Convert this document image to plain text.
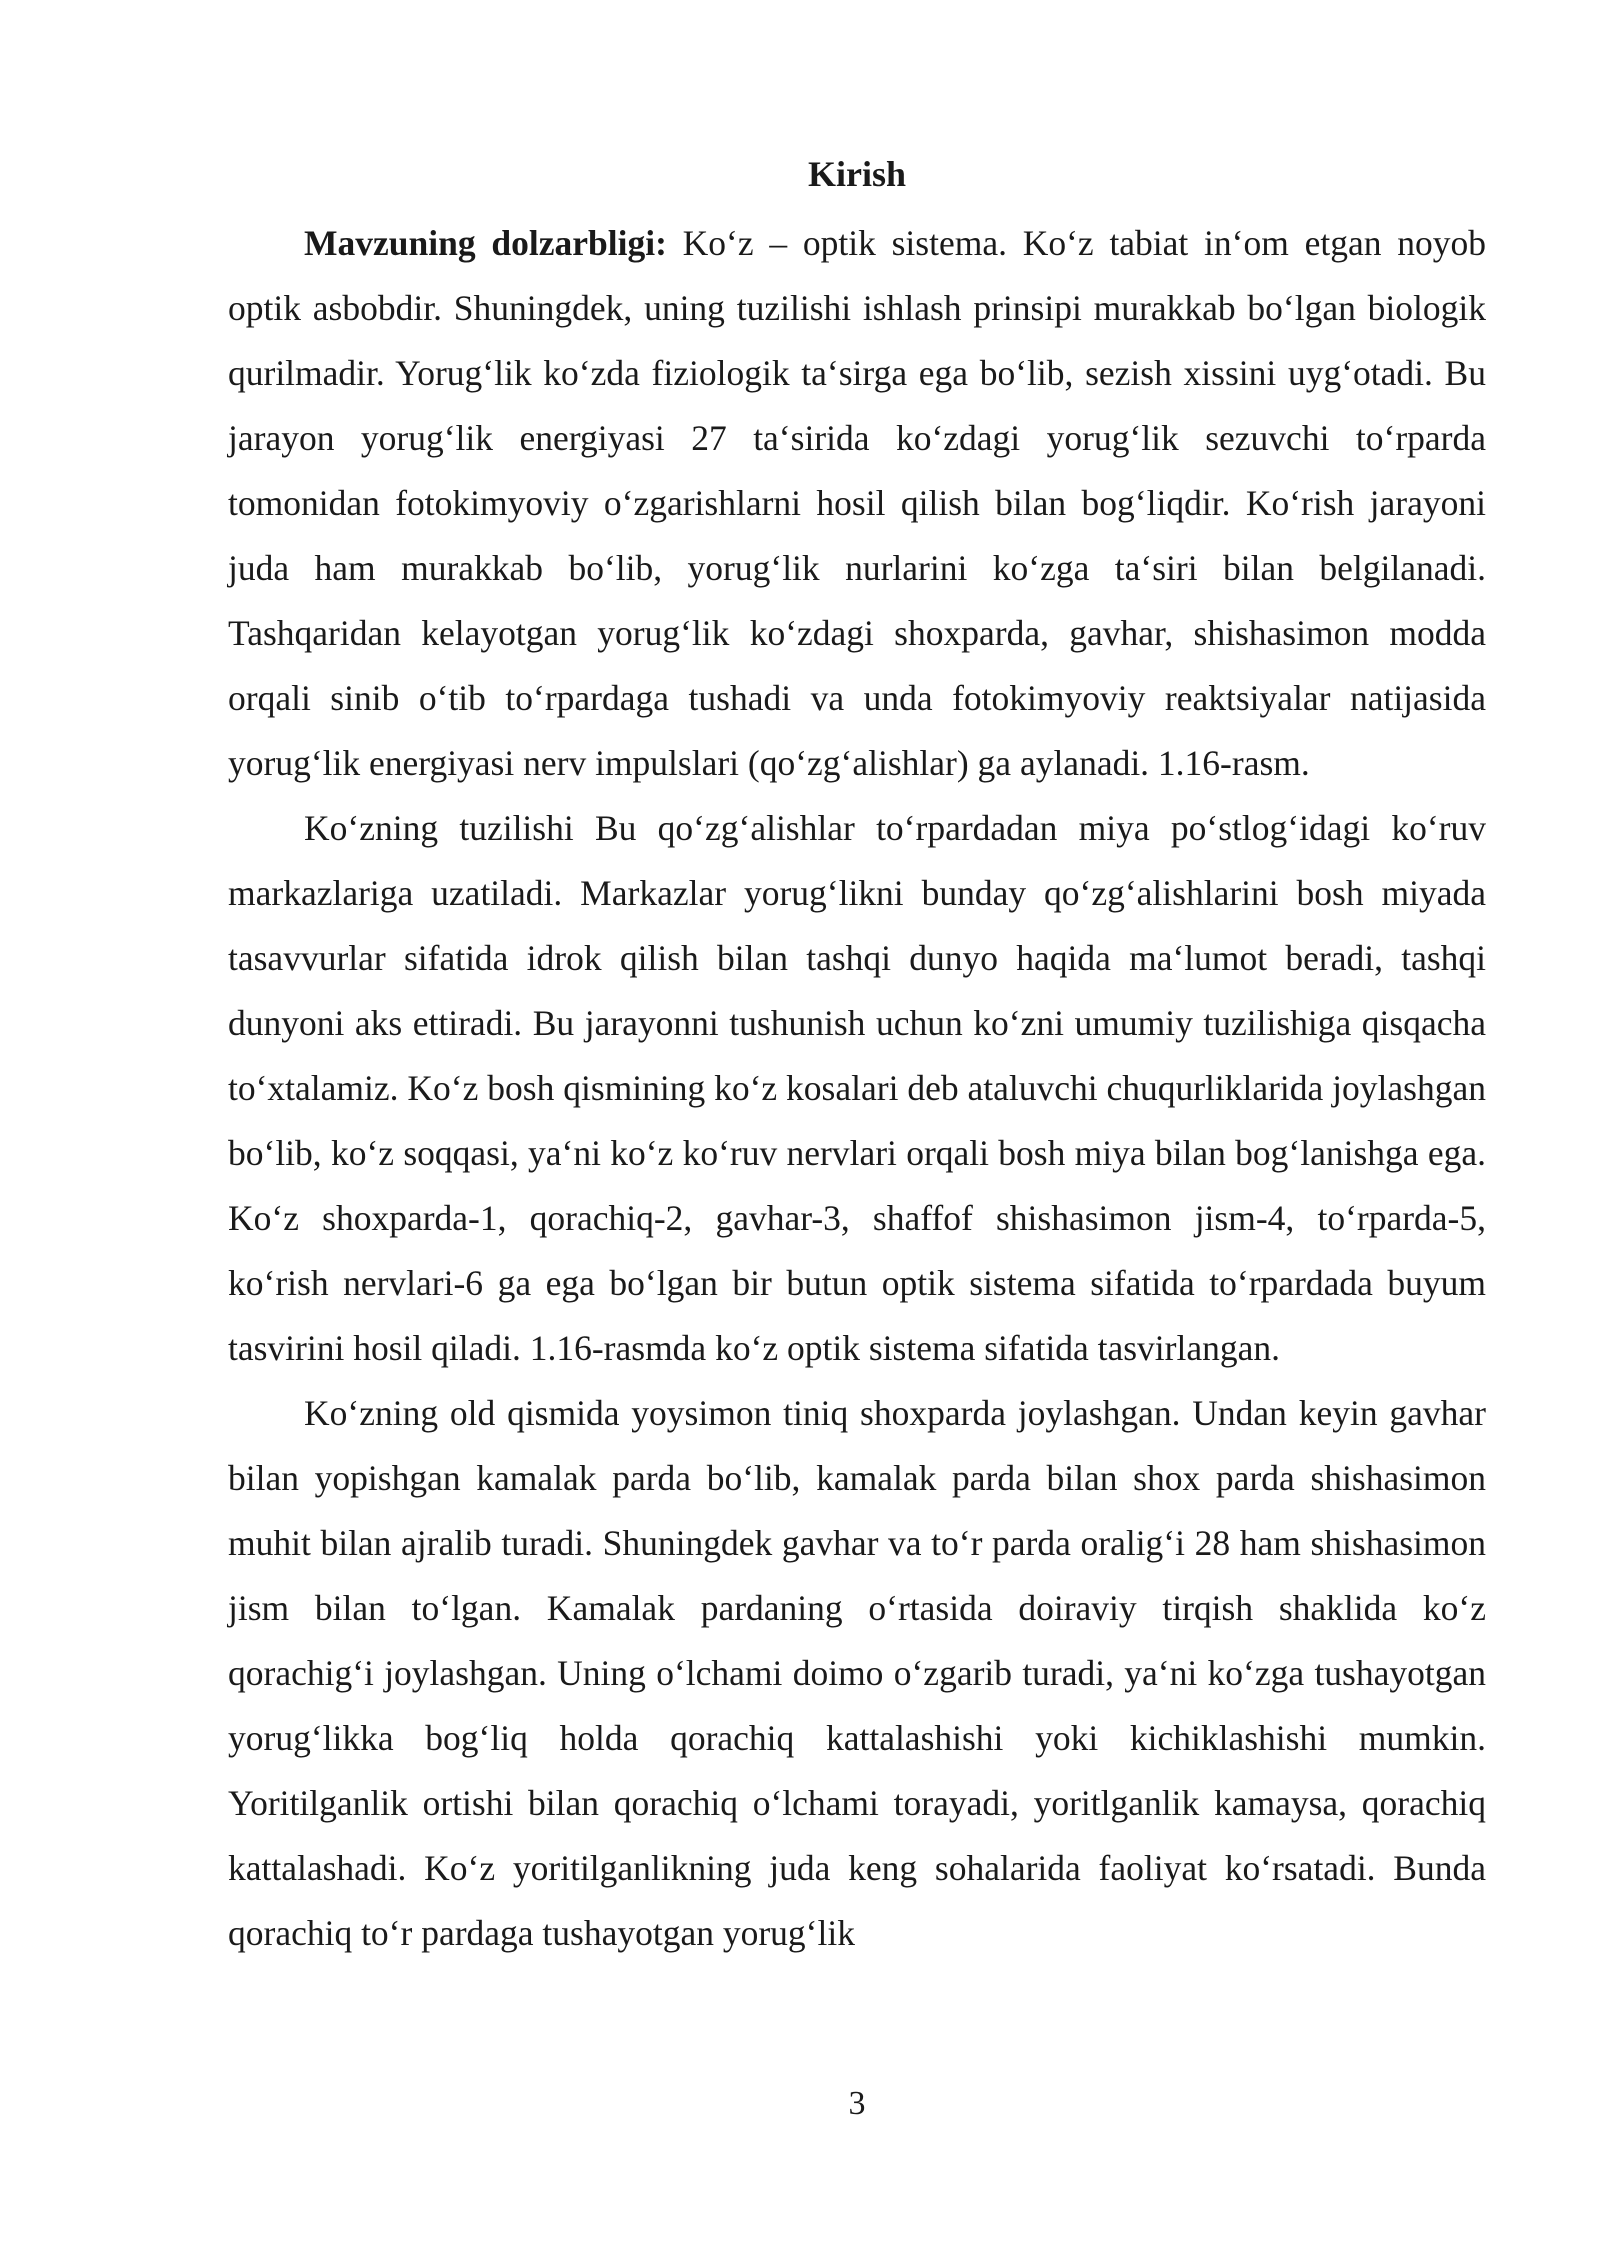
Kirish

Mavzuning dolzarbligi: Koʻz – optik sistema. Koʻz tabiat inʻom etgan noyob optik asbobdir. Shuningdek, uning tuzilishi ishlash prinsipi murakkab boʻlgan biologik qurilmadir. Yorugʻlik koʻzda fiziologik taʻsirga ega boʻlib, sezish xissini uygʻotadi. Bu jarayon yorugʻlik energiyasi 27 taʻsirida koʻzdagi yorugʻlik sezuvchi toʻrparda tomonidan fotokimyoviy oʻzgarishlarni hosil qilish bilan bogʻliqdir. Koʻrish jarayoni juda ham murakkab boʻlib, yorugʻlik nurlarini koʻzga taʻsiri bilan belgilanadi. Tashqaridan kelayotgan yorugʻlik koʻzdagi shoxparda, gavhar, shishasimon modda orqali sinib oʻtib toʻrpardaga tushadi va unda fotokimyoviy reaktsiyalar natijasida yorugʻlik energiyasi nerv impulslari (qoʻzgʻalishlar) ga aylanadi. 1.16-rasm.

Koʻzning tuzilishi Bu qoʻzgʻalishlar toʻrpardadan miya poʻstlogʻidagi koʻruv markazlariga uzatiladi. Markazlar yorugʻlikni bunday qoʻzgʻalishlarini bosh miyada tasavvurlar sifatida idrok qilish bilan tashqi dunyo haqida maʻlumot beradi, tashqi dunyoni aks ettiradi. Bu jarayonni tushunish uchun koʻzni umumiy tuzilishiga qisqacha toʻxtalamiz. Koʻz bosh qismining koʻz kosalari deb ataluvchi chuqurliklarida joylashgan boʻlib, koʻz soqqasi, yaʻni koʻz koʻruv nervlari orqali bosh miya bilan bogʻlanishga ega. Koʻz shoxparda-1, qorachiq-2, gavhar-3, shaffof shishasimon jism-4, toʻrparda-5, koʻrish nervlari-6 ga ega boʻlgan bir butun optik sistema sifatida toʻrpardada buyum tasvirini hosil qiladi. 1.16-rasmda koʻz optik sistema sifatida tasvirlangan.

Koʻzning old qismida yoysimon tiniq shoxparda joylashgan. Undan keyin gavhar bilan yopishgan kamalak parda boʻlib, kamalak parda bilan shox parda shishasimon muhit bilan ajralib turadi. Shuningdek gavhar va toʻr parda oraligʻi 28 ham shishasimon jism bilan toʻlgan. Kamalak pardaning oʻrtasida doiraviy tirqish shaklida koʻz qorachigʻi joylashgan. Uning oʻlchami doimo oʻzgarib turadi, yaʻni koʻzga tushayotgan yorugʻlikka bogʻliq holda qorachiq kattalashishi yoki kichiklashishi mumkin. Yoritilganlik ortishi bilan qorachiq oʻlchami torayadi, yoritlganlik kamaysa, qorachiq kattalashadi. Koʻz yoritilganlikning juda keng sohalarida faoliyat koʻrsatadi. Bunda qorachiq toʻr pardaga tushayotgan yorugʻlik

3
